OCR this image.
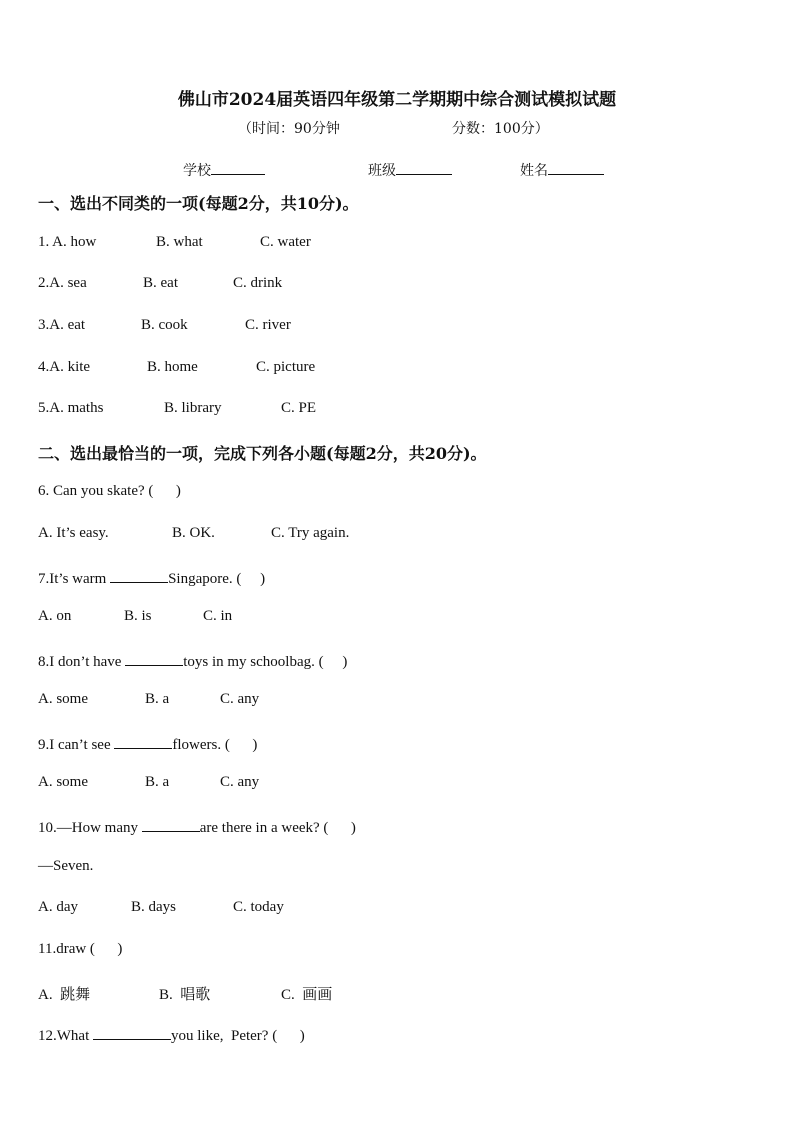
佛山市2024届英语四年级第二学期期中综合测试模拟试题
（时间：90分钟	分数：100分）
学校	班级	姓名
一、选出不同类的一项(每题2分，共10分)。
1. A. how	B. what	C. water
2.A. sea	B. eat	C. drink
3.A. eat	B. cook	C. river
4.A. kite	B. home	C. picture
5.A. maths	B. library	C. PE
二、选出最恰当的一项，完成下列各小题(每题2分，共20分)。
6. Can you skate? (      )
A. It’s easy.	B. OK.	C. Try again.
7.It’s warm	Singapore. (     )
A. on	B. is	C. in
8.I don’t have	toys in my schoolbag. (     )
A. some	B. a	C. any
9.I can’t see	flowers. (      )
A. some	B. a	C. any
10.—How many	are there in a week? (      )
—Seven.
A. day	B. days	C. today
11.draw (      )
A.  跳舞	B.  唱歌	C.  画画
12.What	you like,  Peter? (      )
